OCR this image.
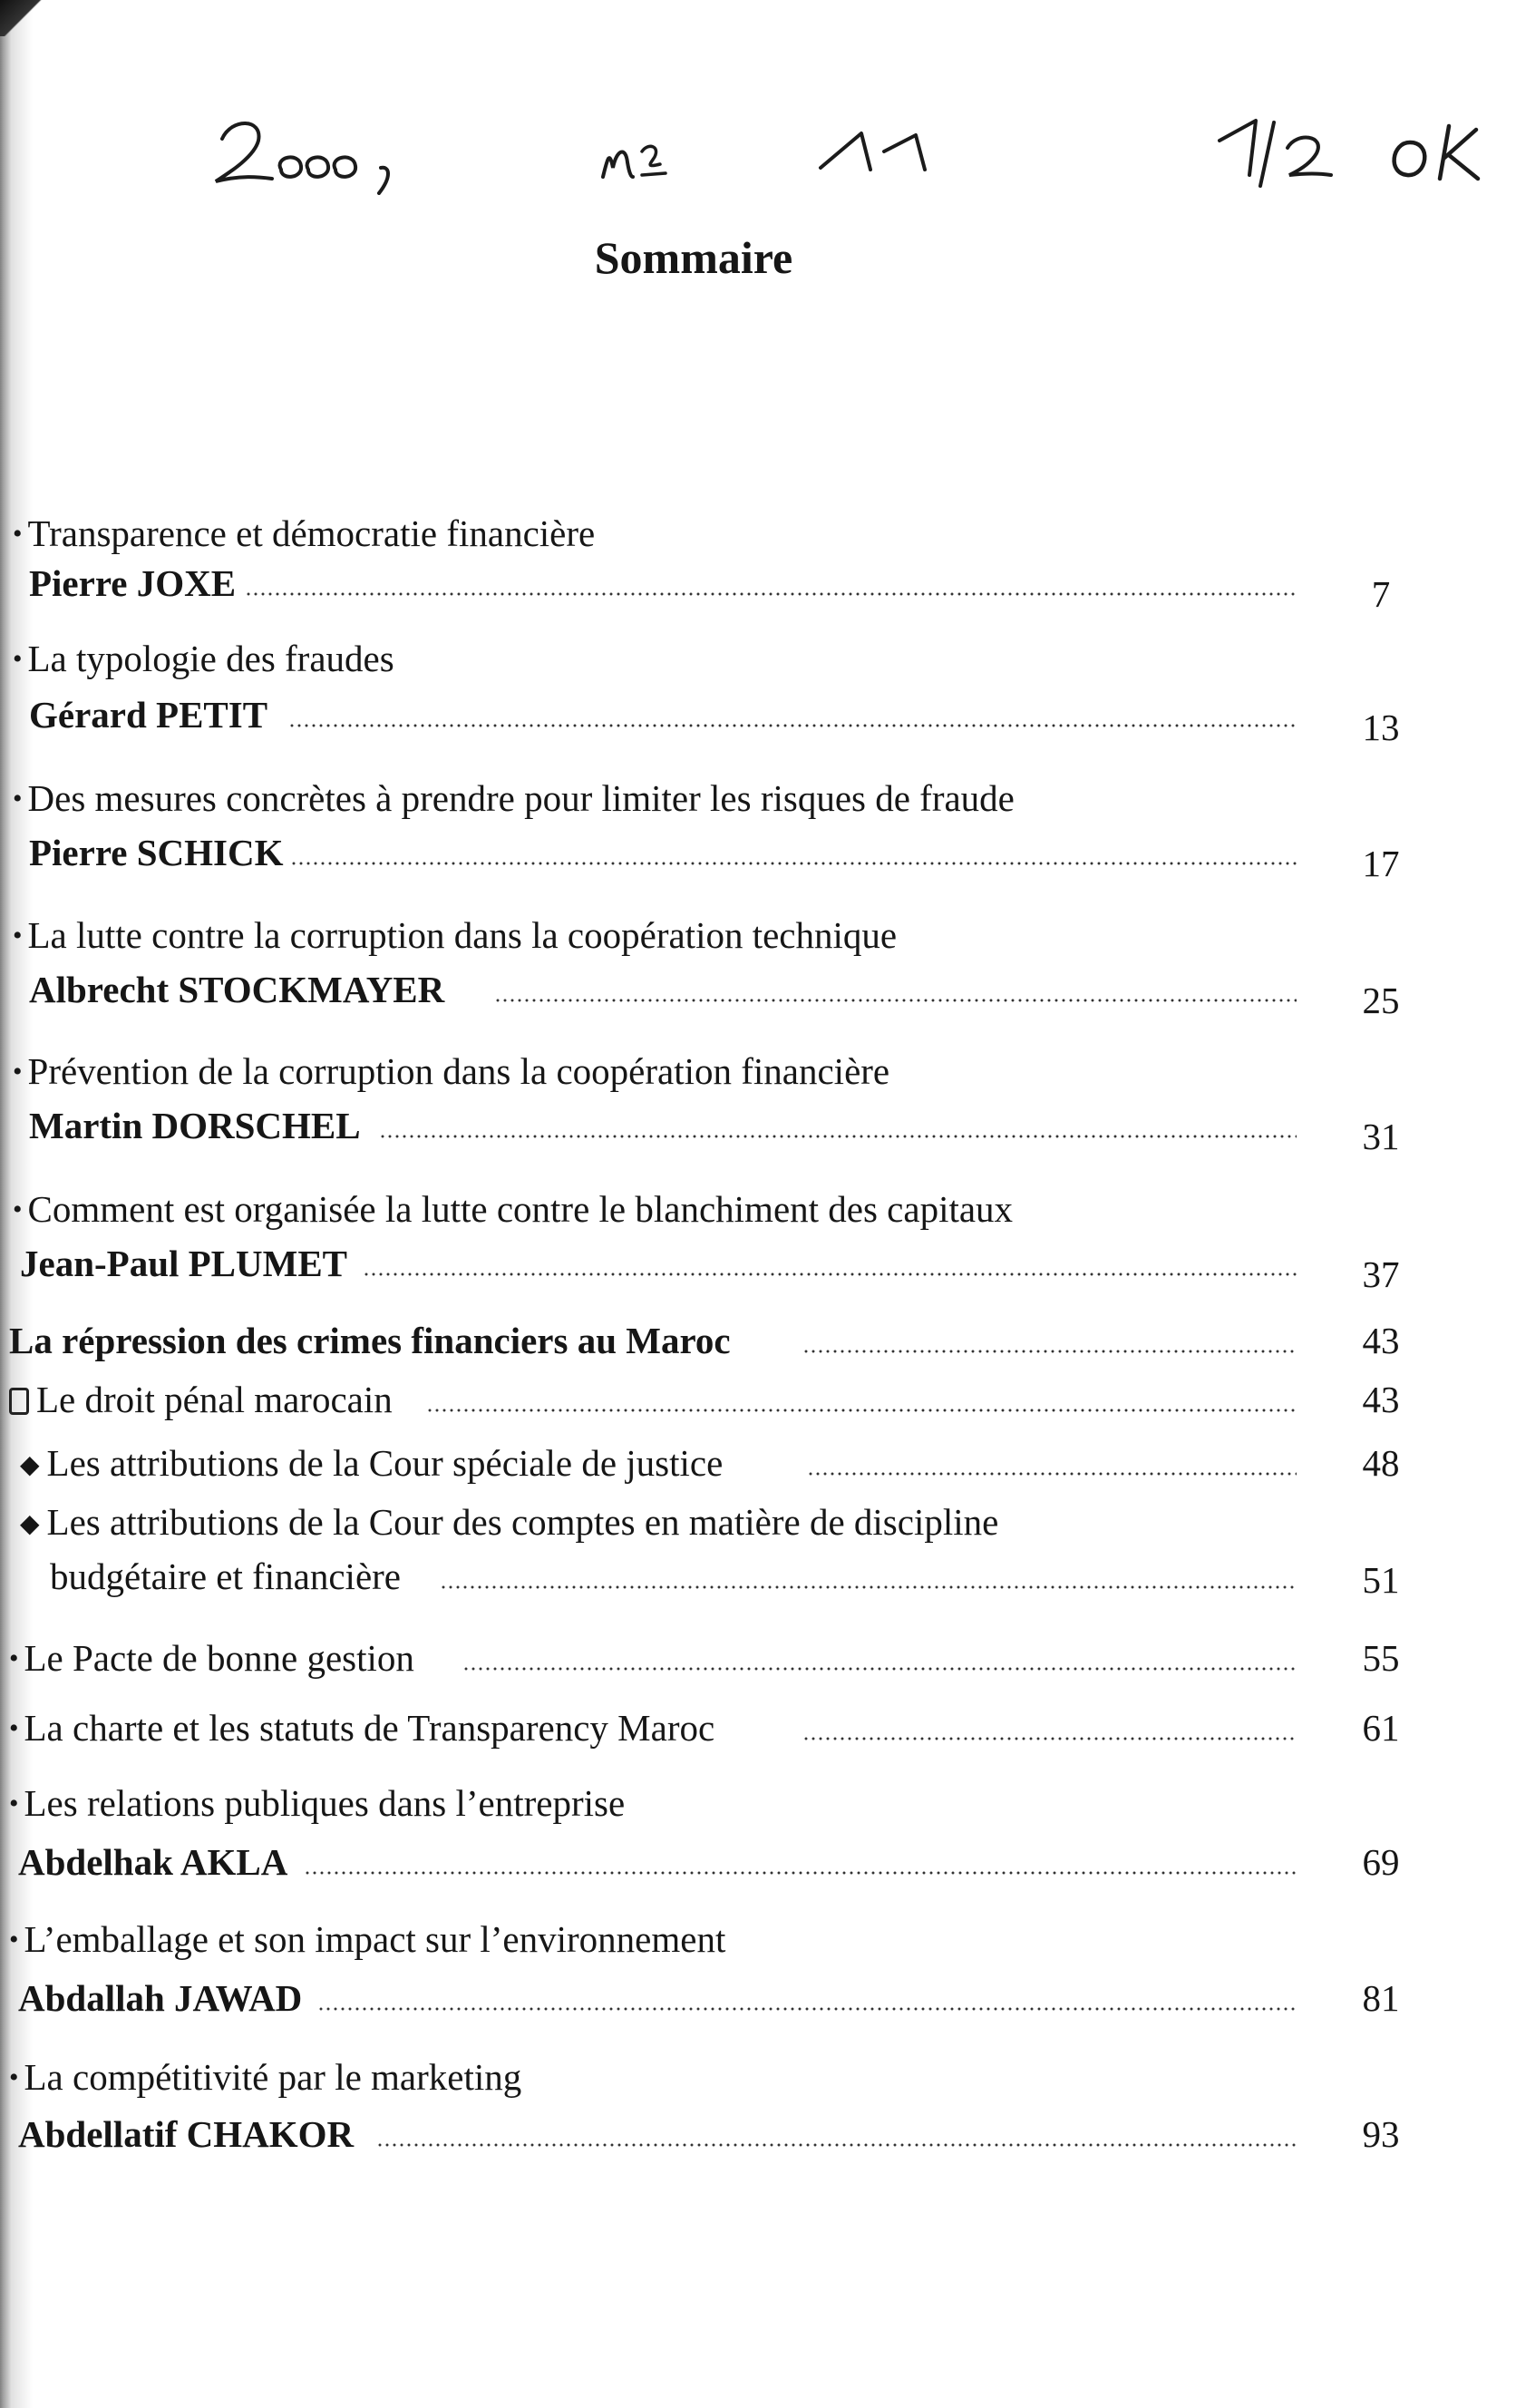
Sommaire
• Transparence et démocratie financière
Pierre JOXE	7
• La typologie des fraudes
Gérard PETIT	13
• Des mesures concrètes à prendre pour limiter les risques de fraude
Pierre SCHICK	17
• La lutte contre la corruption dans la coopération technique
Albrecht STOCKMAYER	25
• Prévention de la corruption dans la coopération financière
Martin DORSCHEL	31
• Comment est organisée la lutte contre le blanchiment des capitaux
Jean-Paul PLUMET	37
La répression des crimes financiers au Maroc	43
Le droit pénal marocain	43
◆ Les attributions de la Cour spéciale de justice	48
◆ Les attributions de la Cour des comptes en matière de discipline
budgétaire et financière	51
• Le Pacte de bonne gestion	55
• La charte et les statuts de Transparency Maroc	61
• Les relations publiques dans l’entreprise
Abdelhak AKLA	69
• L’emballage et son impact sur l’environnement
Abdallah JAWAD	81
• La compétitivité par le marketing
Abdellatif CHAKOR	93
